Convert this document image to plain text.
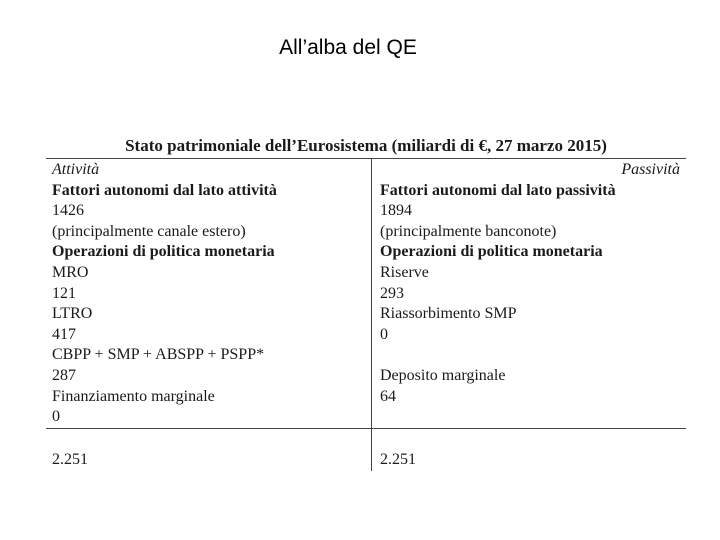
All’alba del QE
Stato patrimoniale dell’Eurosistema (miliardi di €, 27 marzo 2015)
Attività
Fattori autonomi dal lato attività
1426
(principalmente canale estero)
Operazioni di politica monetaria
MRO
121
LTRO
417
CBPP + SMP + ABSPP + PSPP*
287
Finanziamento marginale
0
Passività
Fattori autonomi dal lato passività
1894
(principalmente banconote)
Operazioni di politica monetaria
Riserve
293
Riassorbimento SMP
0
Deposito marginale
64
2.251	2.251
